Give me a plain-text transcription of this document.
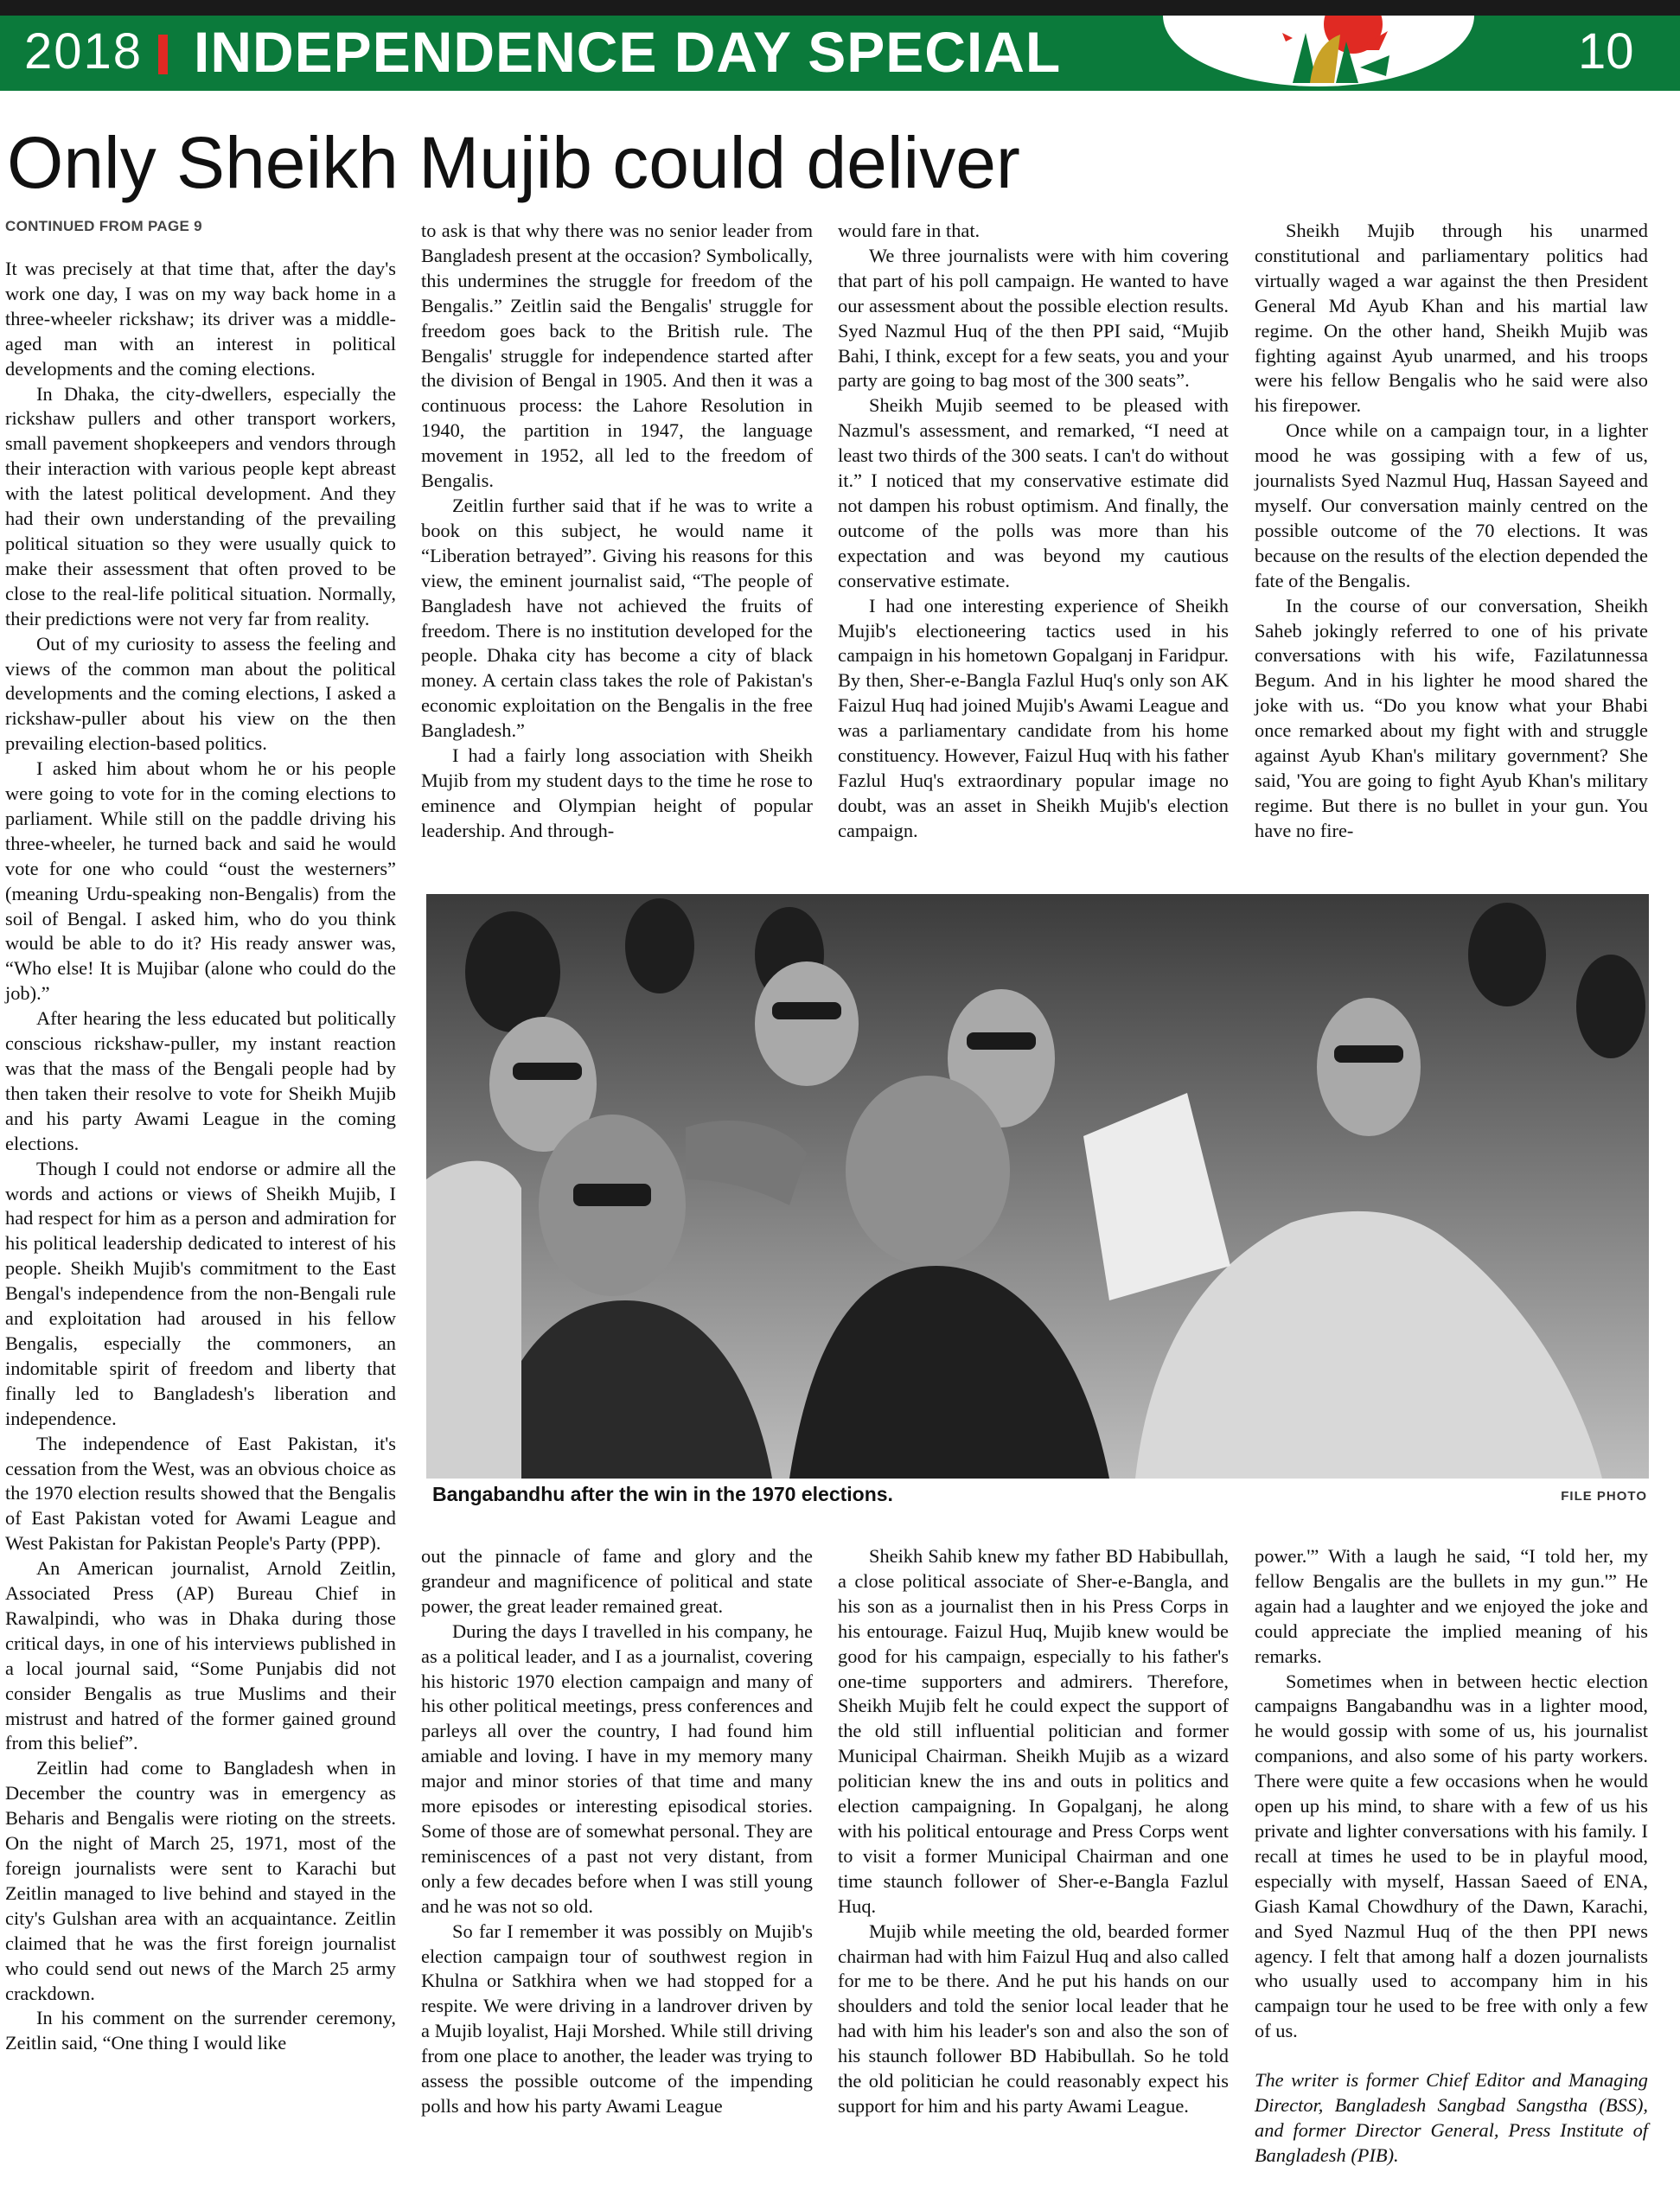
2018 INDEPENDENCE DAY SPECIAL	10
Only Sheikh Mujib could deliver
CONTINUED FROM PAGE 9

It was precisely at that time that, after the day's work one day, I was on my way back home in a three-wheeler rickshaw; its driver was a middle-aged man with an interest in political developments and the coming elections.

In Dhaka, the city-dwellers, especially the rickshaw pullers and other transport workers, small pavement shopkeepers and vendors through their interaction with various people kept abreast with the latest political development. And they had their own understanding of the prevailing political situation so they were usually quick to make their assessment that often proved to be close to the real-life political situation. Normally, their predictions were not very far from reality.

Out of my curiosity to assess the feeling and views of the common man about the political developments and the coming elections, I asked a rickshaw-puller about his view on the then prevailing election-based politics.

I asked him about whom he or his people were going to vote for in the coming elections to parliament. While still on the paddle driving his three-wheeler, he turned back and said he would vote for one who could “oust the westerners” (meaning Urdu-speaking non-Bengalis) from the soil of Bengal. I asked him, who do you think would be able to do it? His ready answer was, “Who else! It is Mujibar (alone who could do the job).”

After hearing the less educated but politically conscious rickshaw-puller, my instant reaction was that the mass of the Bengali people had by then taken their resolve to vote for Sheikh Mujib and his party Awami League in the coming elections.

Though I could not endorse or admire all the words and actions or views of Sheikh Mujib, I had respect for him as a person and admiration for his political leadership dedicated to interest of his people. Sheikh Mujib's commitment to the East Bengal's independence from the non-Bengali rule and exploitation had aroused in his fellow Bengalis, especially the commoners, an indomitable spirit of freedom and liberty that finally led to Bangladesh's liberation and independence.

The independence of East Pakistan, it's cessation from the West, was an obvious choice as the 1970 election results showed that the Bengalis of East Pakistan voted for Awami League and West Pakistan for Pakistan People's Party (PPP).

An American journalist, Arnold Zeitlin, Associated Press (AP) Bureau Chief in Rawalpindi, who was in Dhaka during those critical days, in one of his interviews published in a local journal said, “Some Punjabis did not consider Bengalis as true Muslims and their mistrust and hatred of the former gained ground from this belief”.

Zeitlin had come to Bangladesh when in December the country was in emergency as Beharis and Bengalis were rioting on the streets. On the night of March 25, 1971, most of the foreign journalists were sent to Karachi but Zeitlin managed to live behind and stayed in the city's Gulshan area with an acquaintance. Zeitlin claimed that he was the first foreign journalist who could send out news of the March 25 army crackdown.

In his comment on the surrender ceremony, Zeitlin said, “One thing I would like

to ask is that why there was no senior leader from Bangladesh present at the occasion? Symbolically, this undermines the struggle for freedom of the Bengalis.” Zeitlin said the Bengalis' struggle for freedom goes back to the British rule. The Bengalis' struggle for independence started after the division of Bengal in 1905. And then it was a continuous process: the Lahore Resolution in 1940, the partition in 1947, the language movement in 1952, all led to the freedom of Bengalis.

Zeitlin further said that if he was to write a book on this subject, he would name it “Liberation betrayed”. Giving his reasons for this view, the eminent journalist said, “The people of Bangladesh have not achieved the fruits of freedom. There is no institution developed for the people. Dhaka city has become a city of black money. A certain class takes the role of Pakistan's economic exploitation on the Bengalis in the free Bangladesh.”

I had a fairly long association with Sheikh Mujib from my student days to the time he rose to eminence and Olympian height of popular leadership. And through-

would fare in that.

We three journalists were with him covering that part of his poll campaign. He wanted to have our assessment about the possible election results. Syed Nazmul Huq of the then PPI said, “Mujib Bahi, I think, except for a few seats, you and your party are going to bag most of the 300 seats”.

Sheikh Mujib seemed to be pleased with Nazmul's assessment, and remarked, “I need at least two thirds of the 300 seats. I can't do without it.” I noticed that my conservative estimate did not dampen his robust optimism. And finally, the outcome of the polls was more than his expectation and was beyond my cautious conservative estimate.

I had one interesting experience of Sheikh Mujib's electioneering tactics used in his campaign in his hometown Gopalganj in Faridpur. By then, Sher-e-Bangla Fazlul Huq's only son AK Faizul Huq had joined Mujib's Awami League and was a parliamentary candidate from his home constituency. However, Faizul Huq with his father Fazlul Huq's extraordinary popular image no doubt, was an asset in Sheikh Mujib's election campaign.

Sheikh Mujib through his unarmed constitutional and parliamentary politics had virtually waged a war against the then President General Md Ayub Khan and his martial law regime. On the other hand, Sheikh Mujib was fighting against Ayub unarmed, and his troops were his fellow Bengalis who he said were also his firepower.

Once while on a campaign tour, in a lighter mood he was gossiping with a few of us, journalists Syed Nazmul Huq, Hassan Sayeed and myself. Our conversation mainly centred on the possible outcome of the 70 elections. It was because on the results of the election depended the fate of the Bengalis.

In the course of our conversation, Sheikh Saheb jokingly referred to one of his private conversations with his wife, Fazilatunnessa Begum. And in his lighter he mood shared the joke with us. “Do you know what your Bhabi once remarked about my fight with and struggle against Ayub Khan's military government? She said, 'You are going to fight Ayub Khan's military regime. But there is no bullet in your gun. You have no fire-

Bangabandhu after the win in the 1970 elections.	FILE PHOTO

out the pinnacle of fame and glory and the grandeur and magnificence of political and state power, the great leader remained great.

During the days I travelled in his company, he as a political leader, and I as a journalist, covering his historic 1970 election campaign and many of his other political meetings, press conferences and parleys all over the country, I had found him amiable and loving. I have in my memory many major and minor stories of that time and many more episodes or interesting episodical stories. Some of those are of somewhat personal. They are reminiscences of a past not very distant, from only a few decades before when I was still young and he was not so old.

So far I remember it was possibly on Mujib's election campaign tour of southwest region in Khulna or Satkhira when we had stopped for a respite. We were driving in a landrover driven by a Mujib loyalist, Haji Morshed. While still driving from one place to another, the leader was trying to assess the possible outcome of the impending polls and how his party Awami League

Sheikh Sahib knew my father BD Habibullah, a close political associate of Sher-e-Bangla, and his son as a journalist then in his Press Corps in his entourage. Faizul Huq, Mujib knew would be good for his campaign, especially to his father's one-time supporters and admirers. Therefore, Sheikh Mujib felt he could expect the support of the old still influential politician and former Municipal Chairman. Sheikh Mujib as a wizard politician knew the ins and outs in politics and election campaigning. In Gopalganj, he along with his political entourage and Press Corps went to visit a former Municipal Chairman and one time staunch follower of Sher-e-Bangla Fazlul Huq.

Mujib while meeting the old, bearded former chairman had with him Faizul Huq and also called for me to be there. And he put his hands on our shoulders and told the senior local leader that he had with him his leader's son and also the son of his staunch follower BD Habibullah. So he told the old politician he could reasonably expect his support for him and his party Awami League.

power.'” With a laugh he said, “I told her, my fellow Bengalis are the bullets in my gun.'” He again had a laughter and we enjoyed the joke and could appreciate the implied meaning of his remarks.

Sometimes when in between hectic election campaigns Bangabandhu was in a lighter mood, he would gossip with some of us, his journalist companions, and also some of his party workers. There were quite a few occasions when he would open up his mind, to share with a few of us his private and lighter conversations with his family. I recall at times he used to be in playful mood, especially with myself, Hassan Saeed of ENA, Giash Kamal Chowdhury of the Dawn, Karachi, and Syed Nazmul Huq of the then PPI news agency. I felt that among half a dozen journalists who usually used to accompany him in his campaign tour he used to be free with only a few of us.

The writer is former Chief Editor and Managing Director, Bangladesh Sangbad Sangstha (BSS), and former Director General, Press Institute of Bangladesh (PIB).
